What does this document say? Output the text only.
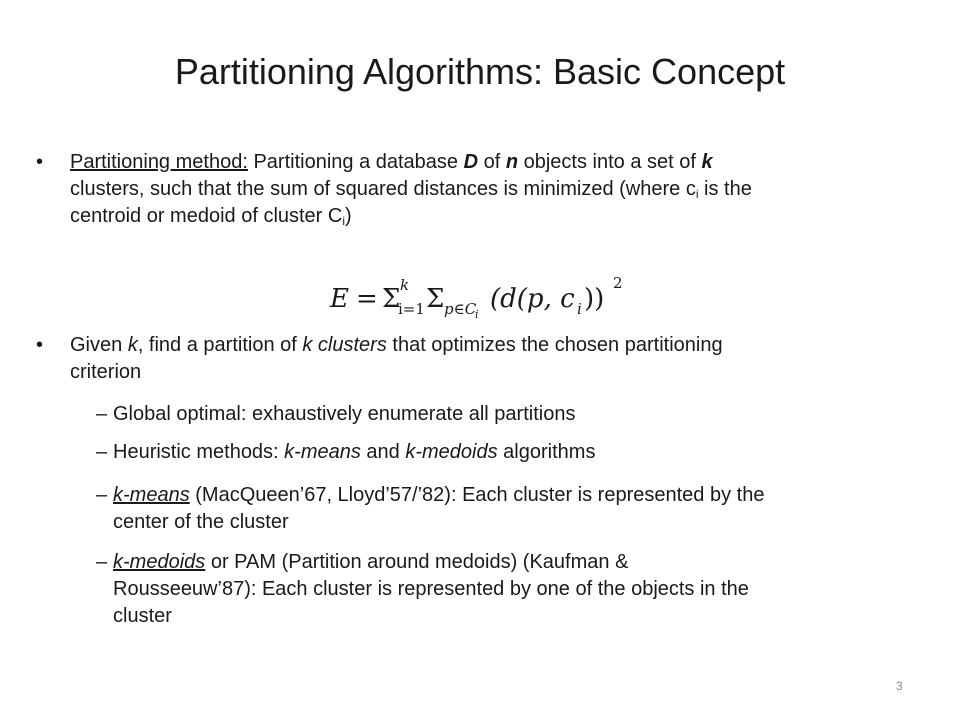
Partitioning Algorithms: Basic Concept
• Partitioning method: Partitioning a database D of n objects into a set of k
clusters, such that the sum of squared distances is minimized (where $c_i$ is the
centroid or medoid of cluster $C_i$)
E = Σ k
i=1 Σ p∈C
i
(d(p, c i ))
2
• Given k, find a partition of k clusters that optimizes the chosen partitioning
criterion
– Global optimal: exhaustively enumerate all partitions
– Heuristic methods: k-means and k-medoids algorithms
– k-means (MacQueen’67, Lloyd’57/’82): Each cluster is represented by the
center of the cluster
– k-medoids or PAM (Partition around medoids) (Kaufman &
Rousseeuw’87): Each cluster is represented by one of the objects in the
cluster
3
